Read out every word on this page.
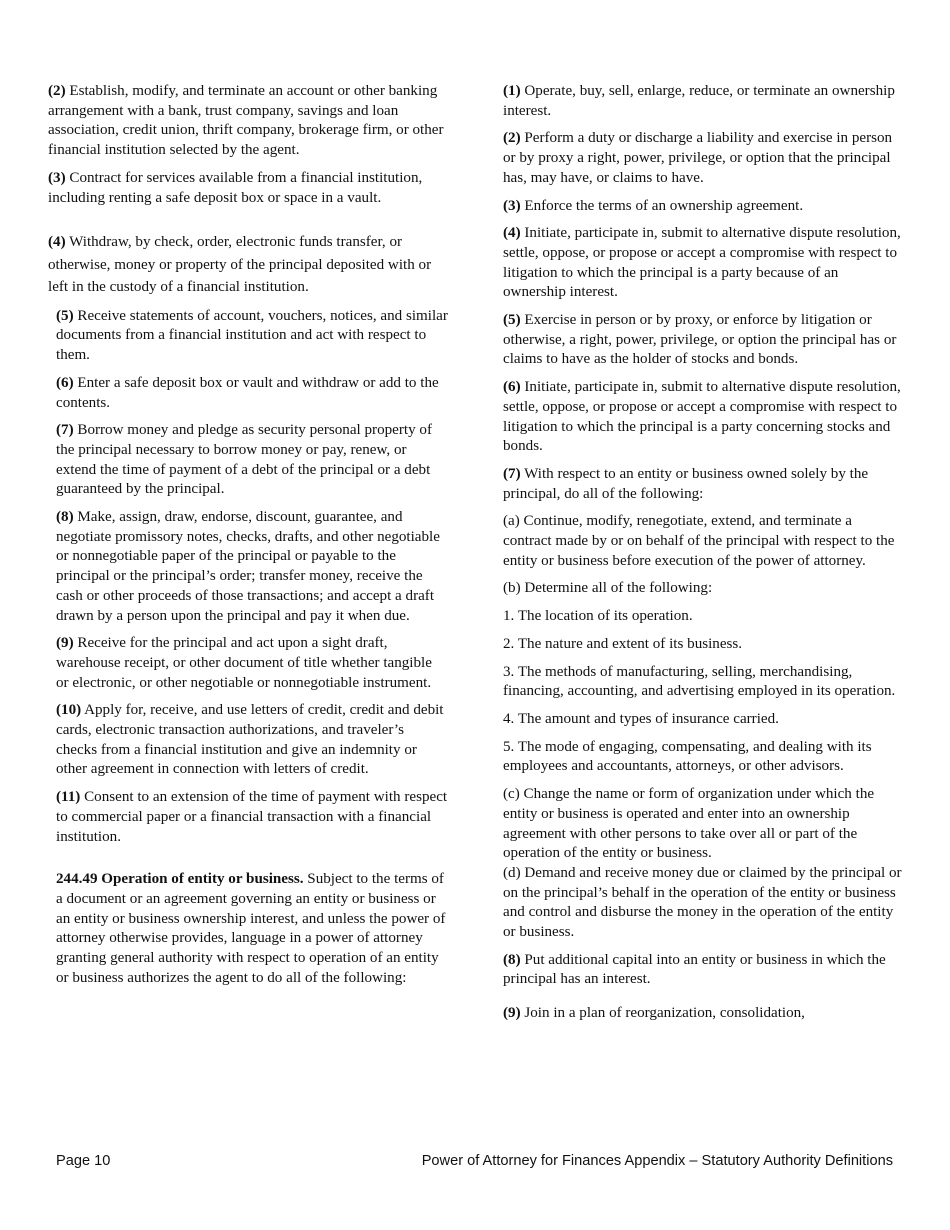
(2) Establish, modify, and terminate an account or other banking arrangement with a bank, trust company, savings and loan association, credit union, thrift company, brokerage firm, or other financial institution selected by the agent.

(3) Contract for services available from a financial institution, including renting a safe deposit box or space in a vault.

(4) Withdraw, by check, order, electronic funds transfer, or otherwise, money or property of the principal deposited with or left in the custody of a financial institution.

(5) Receive statements of account, vouchers, notices, and similar documents from a financial institution and act with respect to them.

(6) Enter a safe deposit box or vault and withdraw or add to the contents.

(7) Borrow money and pledge as security personal property of the principal necessary to borrow money or pay, renew, or extend the time of payment of a debt of the principal or a debt guaranteed by the principal.

(8) Make, assign, draw, endorse, discount, guarantee, and negotiate promissory notes, checks, drafts, and other negotiable or nonnegotiable paper of the principal or payable to the principal or the principal’s order; transfer money, receive the cash or other proceeds of those transactions; and accept a draft drawn by a person upon the principal and pay it when due.

(9) Receive for the principal and act upon a sight draft, warehouse receipt, or other document of title whether tangible or electronic, or other negotiable or nonnegotiable instrument.

(10) Apply for, receive, and use letters of credit, credit and debit cards, electronic transaction authorizations, and traveler’s checks from a financial institution and give an indemnity or other agreement in connection with letters of credit.

(11) Consent to an extension of the time of payment with respect to commercial paper or a financial transaction with a financial institution.

244.49 Operation of entity or business. Subject to the terms of a document or an agreement governing an entity or business or an entity or business ownership interest, and unless the power of attorney otherwise provides, language in a power of attorney granting general authority with respect to operation of an entity or business authorizes the agent to do all of the following:

(1) Operate, buy, sell, enlarge, reduce, or terminate an ownership interest.

(2) Perform a duty or discharge a liability and exercise in person or by proxy a right, power, privilege, or option that the principal has, may have, or claims to have.

(3) Enforce the terms of an ownership agreement.

(4) Initiate, participate in, submit to alternative dispute resolution, settle, oppose, or propose or accept a compromise with respect to litigation to which the principal is a party because of an ownership interest.

(5) Exercise in person or by proxy, or enforce by litigation or otherwise, a right, power, privilege, or option the principal has or claims to have as the holder of stocks and bonds.

(6) Initiate, participate in, submit to alternative dispute resolution, settle, oppose, or propose or accept a compromise with respect to litigation to which the principal is a party concerning stocks and bonds.

(7) With respect to an entity or business owned solely by the principal, do all of the following:

(a) Continue, modify, renegotiate, extend, and terminate a contract made by or on behalf of the principal with respect to the entity or business before execution of the power of attorney.

(b) Determine all of the following:

1. The location of its operation.

2. The nature and extent of its business.

3. The methods of manufacturing, selling, merchandising, financing, accounting, and advertising employed in its operation.

4. The amount and types of insurance carried.

5. The mode of engaging, compensating, and dealing with its employees and accountants, attorneys, or other advisors.

(c) Change the name or form of organization under which the entity or business is operated and enter into an ownership agreement with other persons to take over all or part of the operation of the entity or business.

(d) Demand and receive money due or claimed by the principal or on the principal’s behalf in the operation of the entity or business and control and disburse the money in the operation of the entity or business.

(8) Put additional capital into an entity or business in which the principal has an interest.

(9) Join in a plan of reorganization, consolidation,

Page 10	Power of Attorney for Finances Appendix – Statutory Authority Definitions
